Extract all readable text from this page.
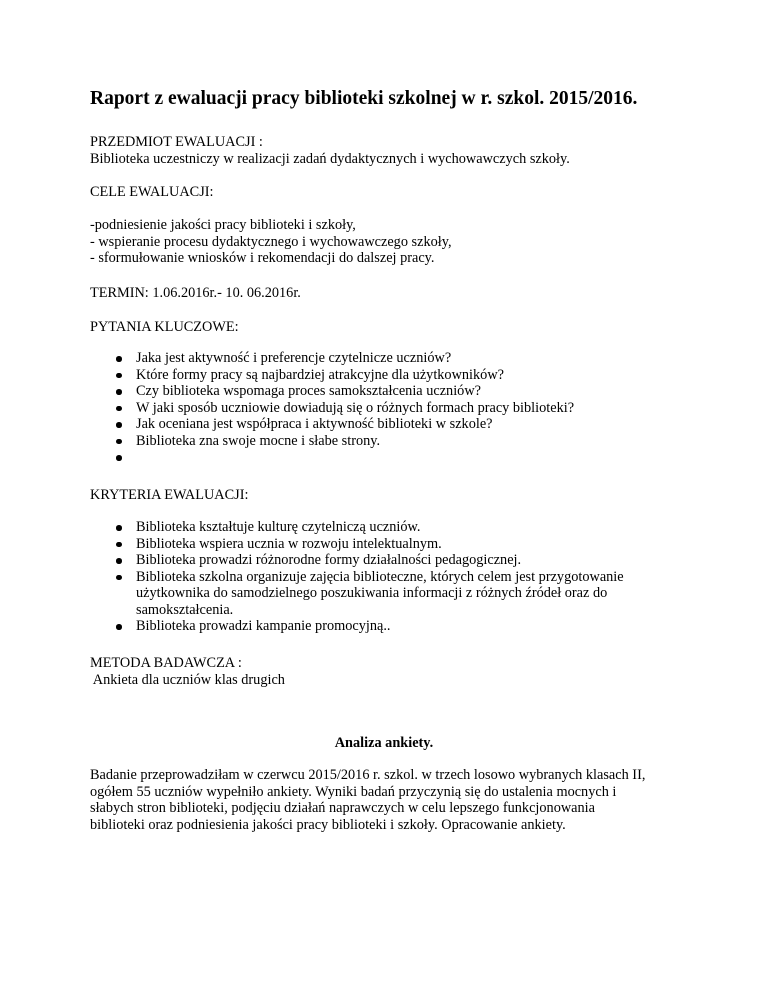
Raport z ewaluacji pracy biblioteki szkolnej w r. szkol. 2015/2016.

PRZEDMIOT EWALUACJI :

Biblioteka uczestniczy w realizacji zadań dydaktycznych i wychowawczych szkoły.

CELE EWALUACJI:

-podniesienie jakości pracy biblioteki i szkoły,

- wspieranie procesu dydaktycznego i wychowawczego szkoły,

- sformułowanie wniosków i rekomendacji do dalszej pracy.

TERMIN: 1.06.2016r.- 10. 06.2016r.

PYTANIA KLUCZOWE:

Jaka jest aktywność i preferencje czytelnicze uczniów?
Które formy pracy są najbardziej atrakcyjne dla użytkowników?
Czy biblioteka wspomaga proces samokształcenia uczniów?
W jaki sposób uczniowie dowiadują się o różnych formach pracy biblioteki?
Jak oceniana jest współpraca i aktywność biblioteki w szkole?
Biblioteka zna swoje mocne i słabe strony.

KRYTERIA EWALUACJI:

Biblioteka kształtuje kulturę czytelniczą uczniów.
Biblioteka wspiera ucznia w rozwoju intelektualnym.
Biblioteka prowadzi różnorodne formy działalności pedagogicznej.
Biblioteka szkolna organizuje zajęcia biblioteczne, których celem jest przygotowanie użytkownika do samodzielnego poszukiwania informacji z różnych źródeł oraz do samokształcenia.
Biblioteka prowadzi kampanie promocyjną..

METODA BADAWCZA :

Ankieta dla uczniów klas drugich

Analiza ankiety.

Badanie przeprowadziłam w czerwcu 2015/2016 r. szkol. w trzech losowo wybranych klasach II, ogółem 55 uczniów wypełniło ankiety. Wyniki badań przyczynią się do ustalenia mocnych i słabych stron biblioteki, podjęciu działań naprawczych w celu lepszego funkcjonowania biblioteki oraz podniesienia jakości pracy biblioteki i szkoły. Opracowanie ankiety.
